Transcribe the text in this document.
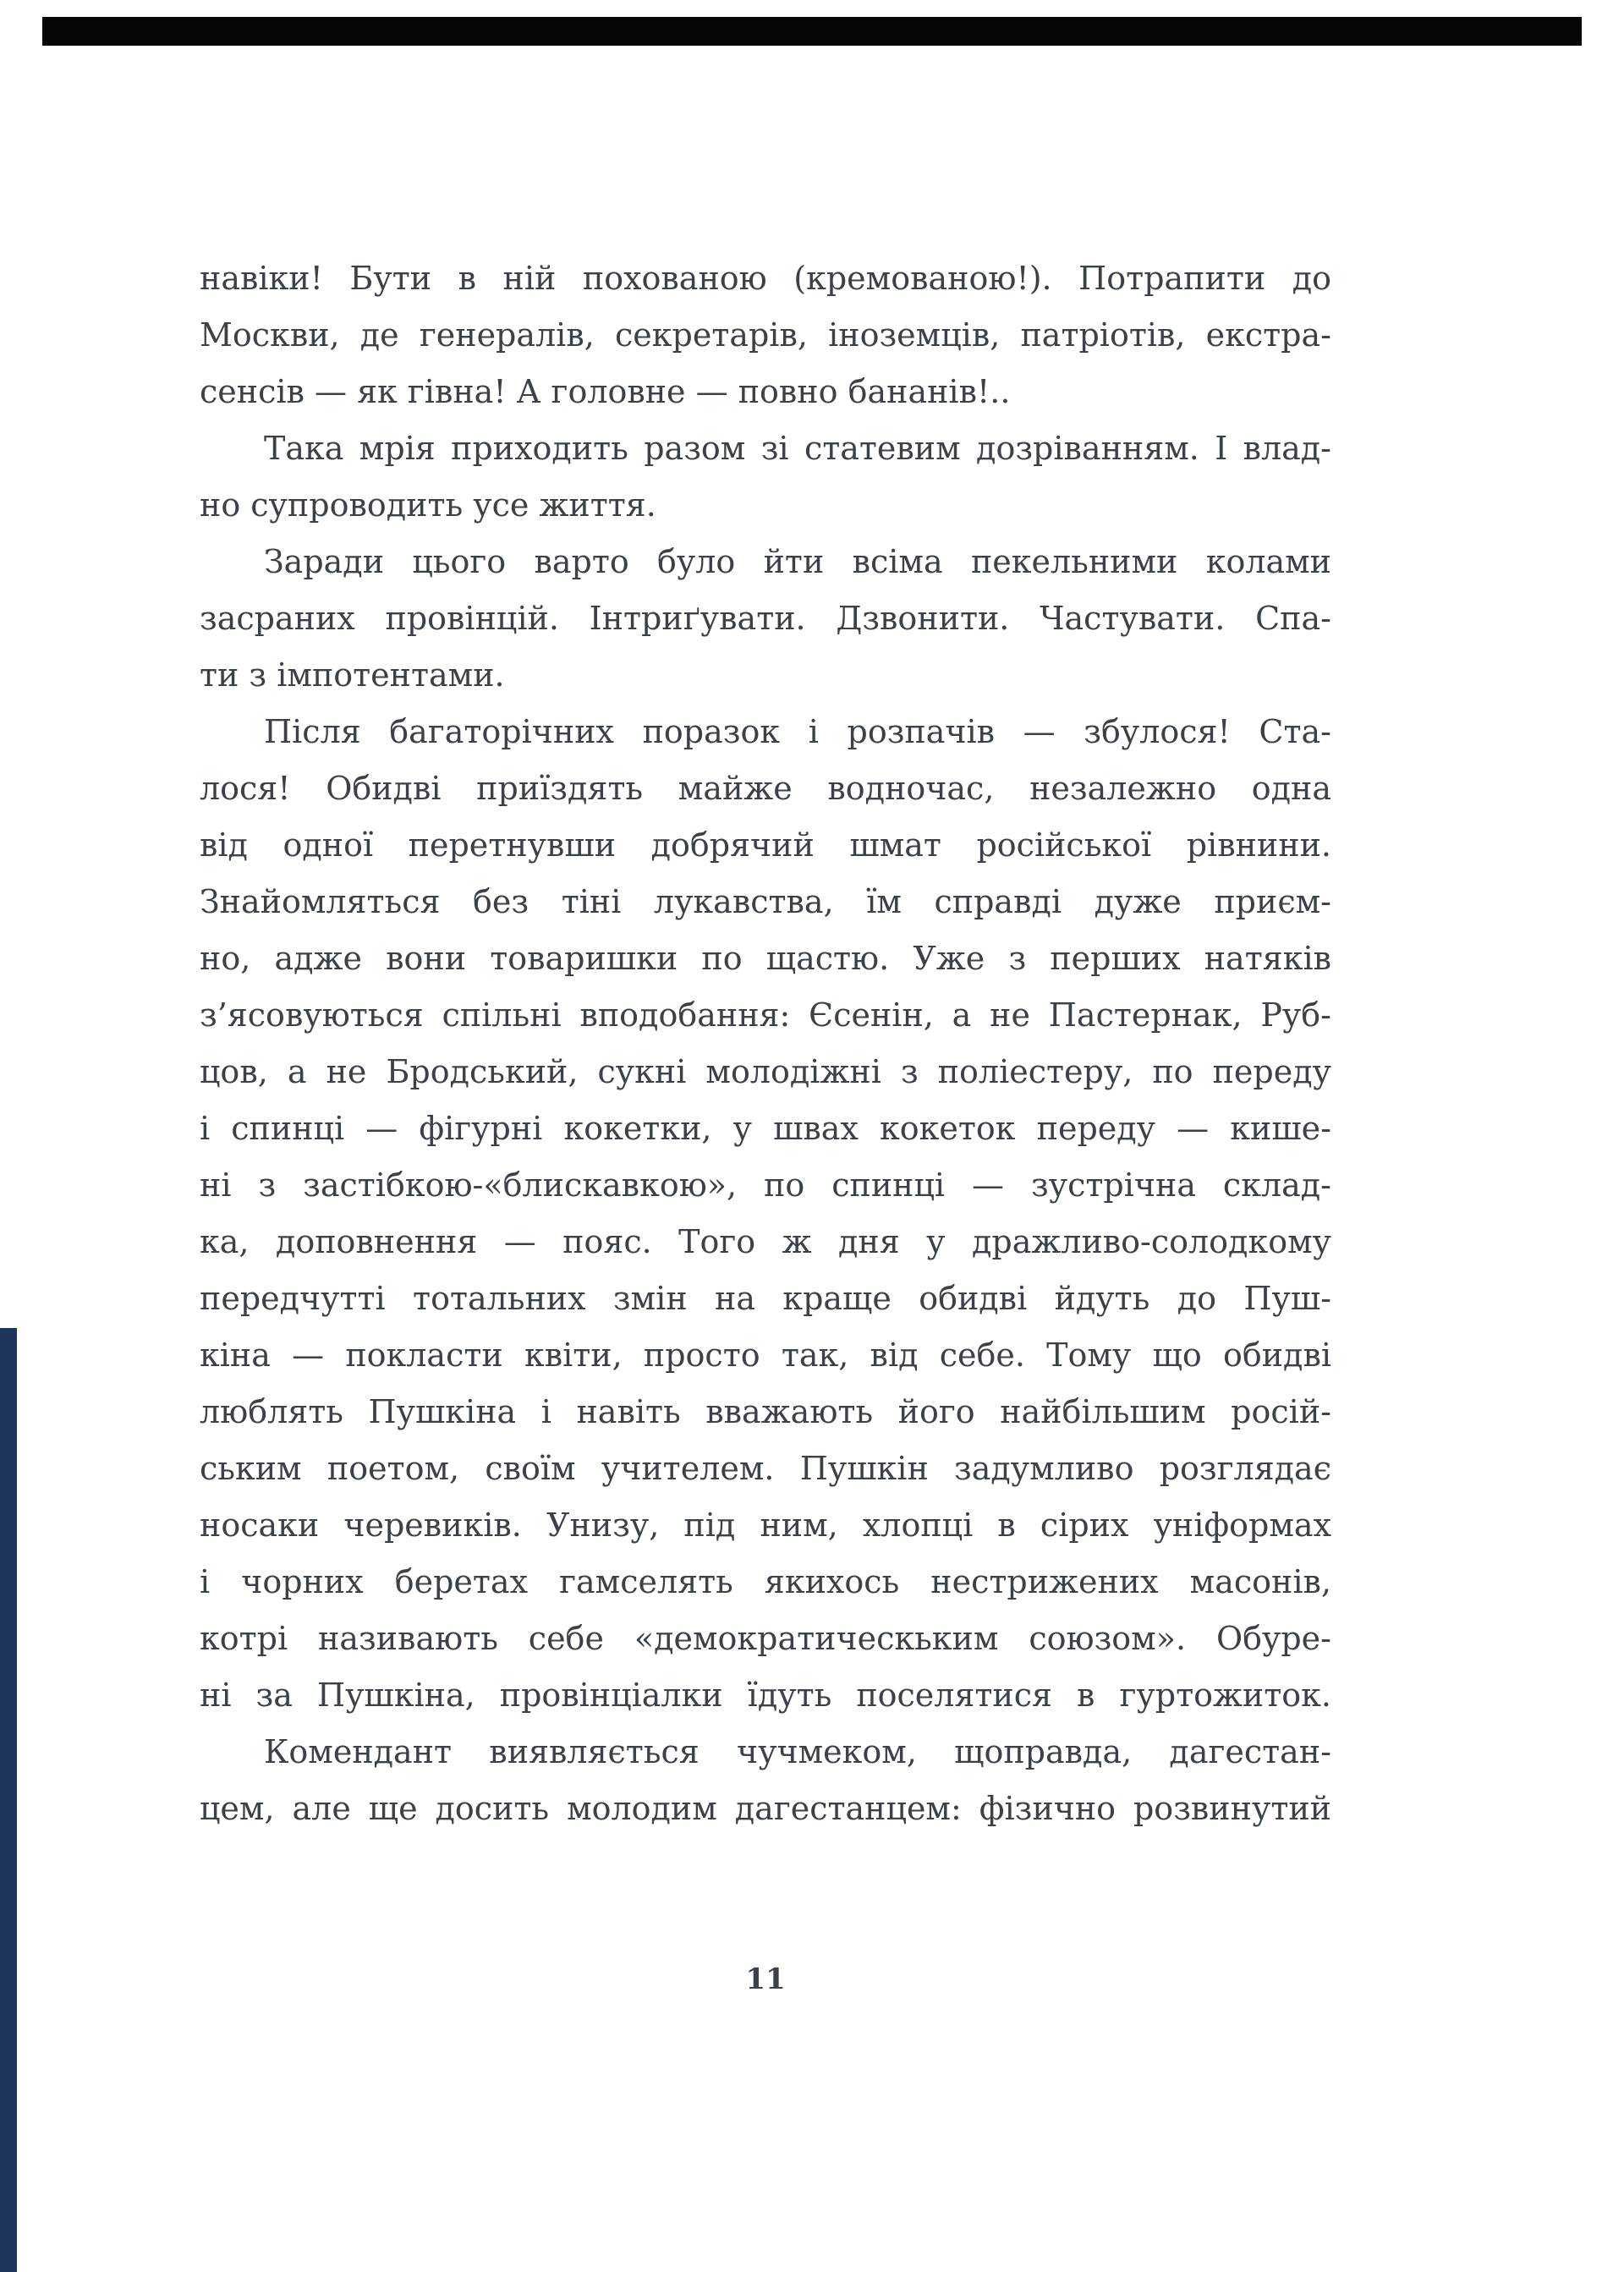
навіки! Бути в ній похованою (кремованою!). Потрапити до
Москви, де генералів, секретарів, іноземців, патріотів, екстра-
сенсів — як гівна! А головне — повно бананів!..
Така мрія приходить разом зі статевим дозріванням. І влад-
но супроводить усе життя.
Заради цього варто було йти всіма пекельними колами
засраних провінцій. Інтриґувати. Дзвонити. Частувати. Спа-
ти з імпотентами.
Після багаторічних поразок і розпачів — збулося! Ста-
лося! Обидві приїздять майже водночас, незалежно одна
від одної перетнувши добрячий шмат російської рівнини.
Знайомляться без тіні лукавства, їм справді дуже приєм-
но, адже вони товаришки по щастю. Уже з перших натяків
з’ясовуються спільні вподобання: Єсенін, а не Пастернак, Руб-
цов, а не Бродський, сукні молодіжні з поліестеру, по переду
і спинці — фігурні кокетки, у швах кокеток переду — кише-
ні з застібкою-«блискавкою», по спинці — зустрічна склад-
ка, доповнення — пояс. Того ж дня у дражливо-солодкому
передчутті тотальних змін на краще обидві йдуть до Пуш-
кіна — покласти квіти, просто так, від себе. Тому що обидві
люблять Пушкіна і навіть вважають його найбільшим росій-
ським поетом, своїм учителем. Пушкін задумливо розглядає
носаки черевиків. Унизу, під ним, хлопці в сірих уніформах
і чорних беретах гамселять якихось нестрижених масонів,
котрі називають себе «демократическьким союзом». Обуре-
ні за Пушкіна, провінціалки їдуть поселятися в гуртожиток.
Комендант виявляється чучмеком, щоправда, дагестан-
цем, але ще досить молодим дагестанцем: фізично розвинутий
11
